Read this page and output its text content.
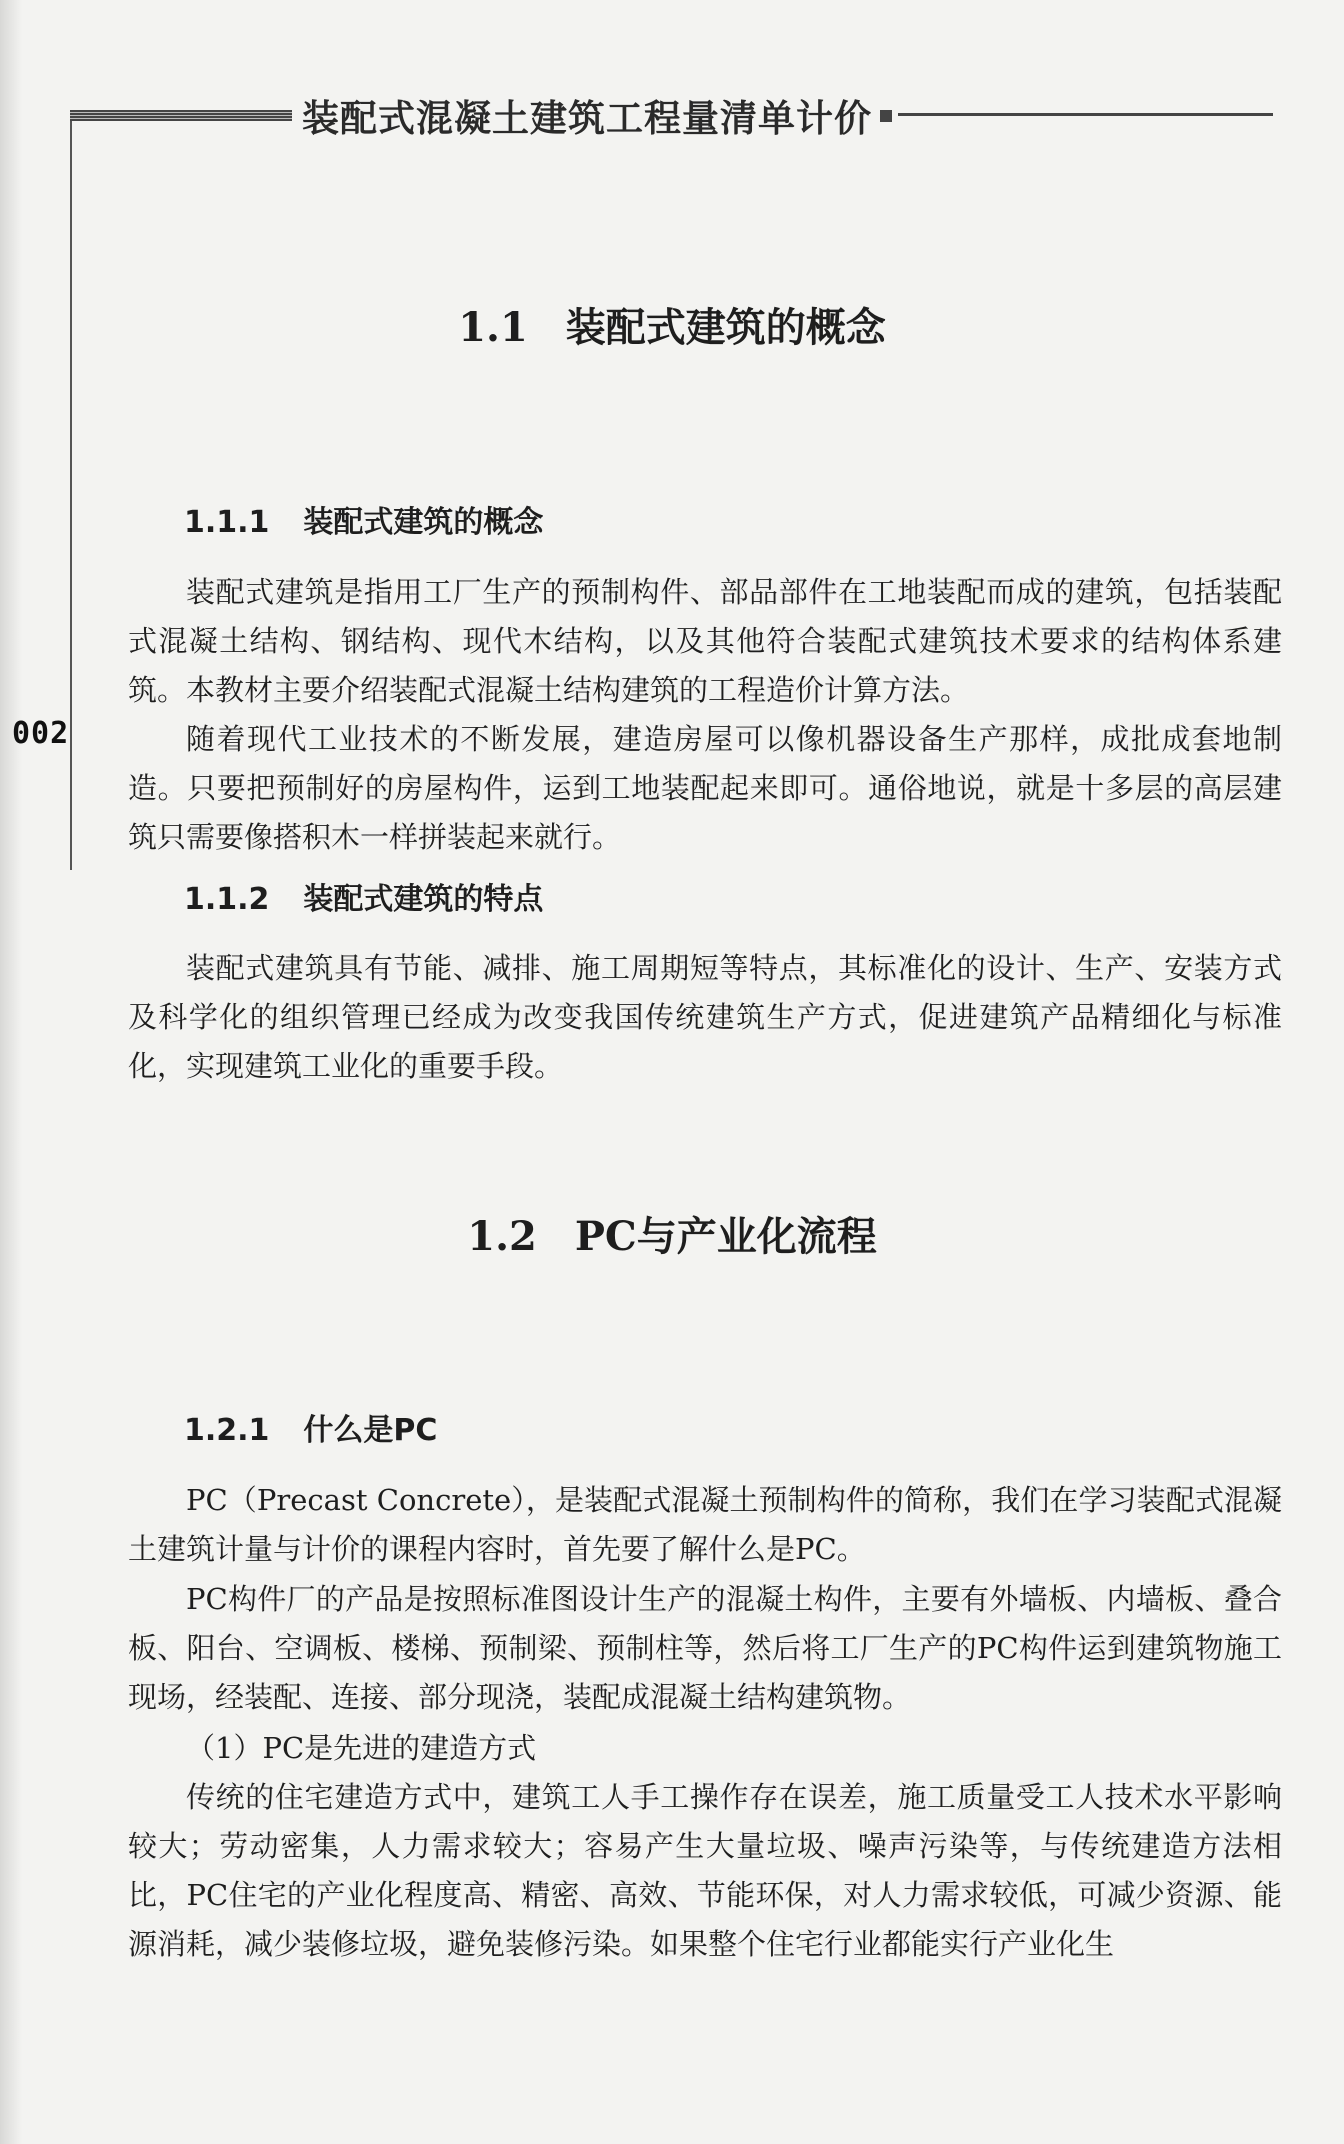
装配式混凝土建筑工程量清单计价
002
1.1 装配式建筑的概念
1.1.1 装配式建筑的概念

装配式建筑是指用工厂生产的预制构件、部品部件在工地装配而成的建筑，包括装配式混凝土结构、钢结构、现代木结构，以及其他符合装配式建筑技术要求的结构体系建筑。本教材主要介绍装配式混凝土结构建筑的工程造价计算方法。

随着现代工业技术的不断发展，建造房屋可以像机器设备生产那样，成批成套地制造。只要把预制好的房屋构件，运到工地装配起来即可。通俗地说，就是十多层的高层建筑只需要像搭积木一样拼装起来就行。

1.1.2 装配式建筑的特点

装配式建筑具有节能、减排、施工周期短等特点，其标准化的设计、生产、安装方式及科学化的组织管理已经成为改变我国传统建筑生产方式，促进建筑产品精细化与标准化，实现建筑工业化的重要手段。

1.2 PC与产业化流程
1.2.1 什么是PC

PC（Precast Concrete），是装配式混凝土预制构件的简称，我们在学习装配式混凝土建筑计量与计价的课程内容时，首先要了解什么是PC。

PC构件厂的产品是按照标准图设计生产的混凝土构件，主要有外墙板、内墙板、叠合板、阳台、空调板、楼梯、预制梁、预制柱等，然后将工厂生产的PC构件运到建筑物施工现场，经装配、连接、部分现浇，装配成混凝土结构建筑物。

（1）PC是先进的建造方式

传统的住宅建造方式中，建筑工人手工操作存在误差，施工质量受工人技术水平影响较大；劳动密集，人力需求较大；容易产生大量垃圾、噪声污染等，与传统建造方法相比，PC住宅的产业化程度高、精密、高效、节能环保，对人力需求较低，可减少资源、能源消耗，减少装修垃圾，避免装修污染。如果整个住宅行业都能实行产业化生
